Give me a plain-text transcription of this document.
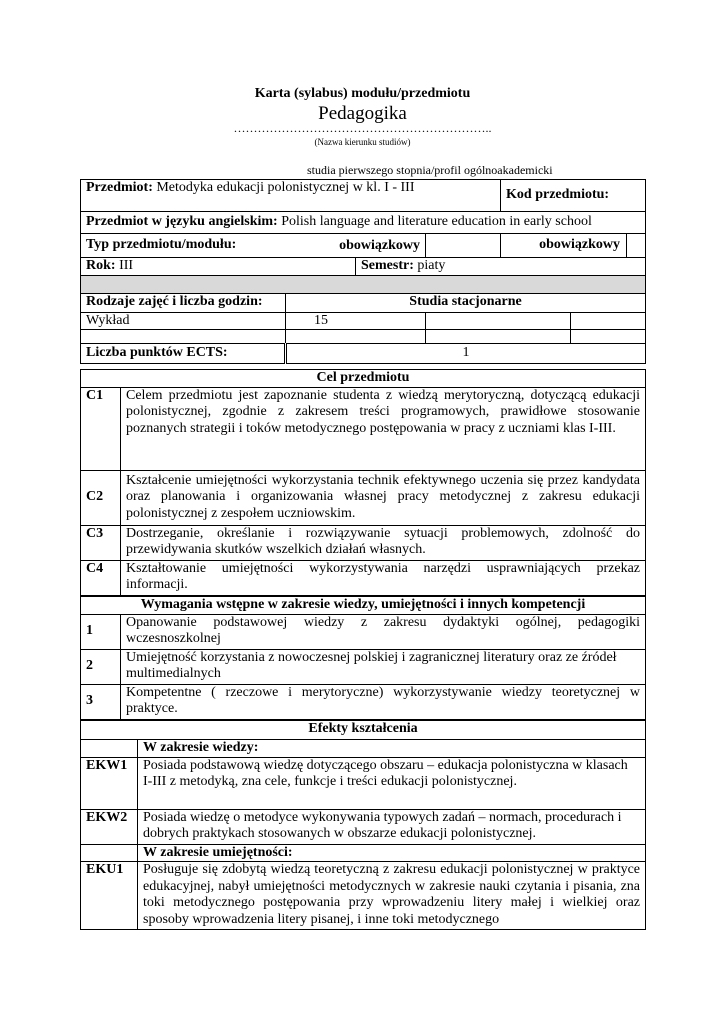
Karta (sylabus) modułu/przedmiotu
Pedagogika
………………………………………………………..
(Nazwa kierunku studiów)
studia pierwszego stopnia/profil ogólnoakademicki
Przedmiot: Metodyka edukacji polonistycznej w kl. I - III				Kod przedmiotu:	
Przedmiot w języku angielskim: Polish language and literature education in early school					
Typ przedmiotu/modułu: obowiązkowy				obowiązkowy	

Rok: III		Semestr: piaty			

Rodzaje zajęć i liczba godzin:	Studia stacjonarne				
Wykład	15				

Liczba punktów ECTS:	1				
Cel przedmiotu	
C1	Celem przedmiotu jest zapoznanie studenta z wiedzą merytoryczną, dotyczącą edukacji polonistycznej, zgodnie z zakresem treści programowych, prawidłowe stosowanie poznanych strategii i toków metodycznego postępowania w pracy z uczniami klas I-III.
C2	Kształcenie umiejętności wykorzystania technik efektywnego uczenia się przez kandydata oraz planowania i organizowania własnej pracy metodycznej z zakresu edukacji polonistycznej z zespołem uczniowskim.
C3	Dostrzeganie, określanie i rozwiązywanie sytuacji problemowych, zdolność do przewidywania skutków wszelkich działań własnych.
C4	Kształtowanie umiejętności wykorzystywania narzędzi usprawniających przekaz informacji.
Wymagania wstępne w zakresie wiedzy, umiejętności i innych kompetencji	
1	Opanowanie podstawowej wiedzy z zakresu dydaktyki ogólnej, pedagogiki wczesnoszkolnej
2	Umiejętność korzystania z nowoczesnej polskiej i zagranicznej literatury oraz ze źródeł multimedialnych
3	Kompetentne ( rzeczowe i merytoryczne) wykorzystywanie wiedzy teoretycznej w praktyce.
Efekty kształcenia	
	W zakresie wiedzy:
EKW1	Posiada podstawową wiedzę dotyczącego obszaru – edukacja polonistyczna w klasach I-III z metodyką, zna cele, funkcje i treści edukacji polonistycznej.
EKW2	Posiada wiedzę o metodyce wykonywania typowych zadań – normach, procedurach i dobrych praktykach stosowanych w obszarze edukacji polonistycznej.
	W zakresie umiejętności:
EKU1	Posługuje się zdobytą wiedzą teoretyczną z zakresu edukacji polonistycznej w praktyce edukacyjnej, nabył umiejętności metodycznych w zakresie nauki czytania i pisania, zna toki metodycznego postępowania przy wprowadzeniu litery małej i wielkiej oraz sposoby wprowadzenia litery pisanej, i inne toki metodycznego
